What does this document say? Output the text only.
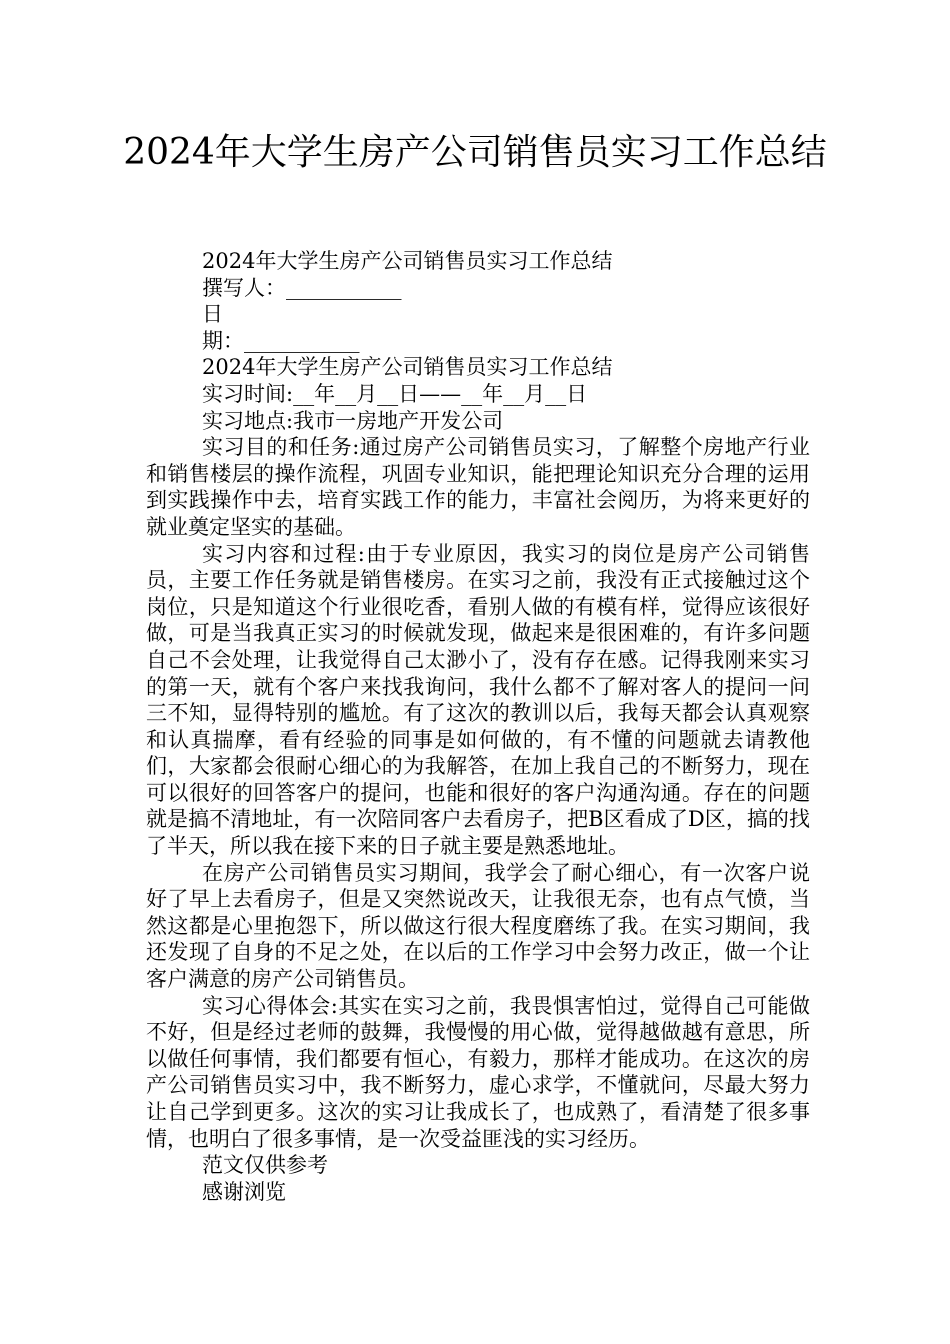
2024年大学生房产公司销售员实习工作总结

2024年大学生房产公司销售员实习工作总结

撰写人：___________

日

期：___________

2024年大学生房产公司销售员实习工作总结

实习时间:__年__月__日——__年__月__日

实习地点:我市一房地产开发公司

实习目的和任务:通过房产公司销售员实习，了解整个房地产行业和销售楼层的操作流程，巩固专业知识，能把理论知识充分合理的运用到实践操作中去，培育实践工作的能力，丰富社会阅历，为将来更好的就业奠定坚实的基础。

实习内容和过程:由于专业原因，我实习的岗位是房产公司销售员，主要工作任务就是销售楼房。在实习之前，我没有正式接触过这个岗位，只是知道这个行业很吃香，看别人做的有模有样，觉得应该很好做，可是当我真正实习的时候就发现，做起来是很困难的，有许多问题自己不会处理，让我觉得自己太渺小了，没有存在感。记得我刚来实习的第一天，就有个客户来找我询问，我什么都不了解对客人的提问一问三不知，显得特别的尴尬。有了这次的教训以后，我每天都会认真观察和认真揣摩，看有经验的同事是如何做的，有不懂的问题就去请教他们，大家都会很耐心细心的为我解答，在加上我自己的不断努力，现在可以很好的回答客户的提问，也能和很好的客户沟通沟通。存在的问题就是搞不清地址，有一次陪同客户去看房子，把B区看成了D区，搞的找了半天，所以我在接下来的日子就主要是熟悉地址。

在房产公司销售员实习期间，我学会了耐心细心，有一次客户说好了早上去看房子，但是又突然说改天，让我很无奈，也有点气愤，当然这都是心里抱怨下，所以做这行很大程度磨练了我。在实习期间，我还发现了自身的不足之处，在以后的工作学习中会努力改正，做一个让客户满意的房产公司销售员。

实习心得体会:其实在实习之前，我畏惧害怕过，觉得自己可能做不好，但是经过老师的鼓舞，我慢慢的用心做，觉得越做越有意思，所以做任何事情，我们都要有恒心，有毅力，那样才能成功。在这次的房产公司销售员实习中，我不断努力，虚心求学，不懂就问，尽最大努力让自己学到更多。这次的实习让我成长了，也成熟了，看清楚了很多事情，也明白了很多事情，是一次受益匪浅的实习经历。

范文仅供参考

感谢浏览
